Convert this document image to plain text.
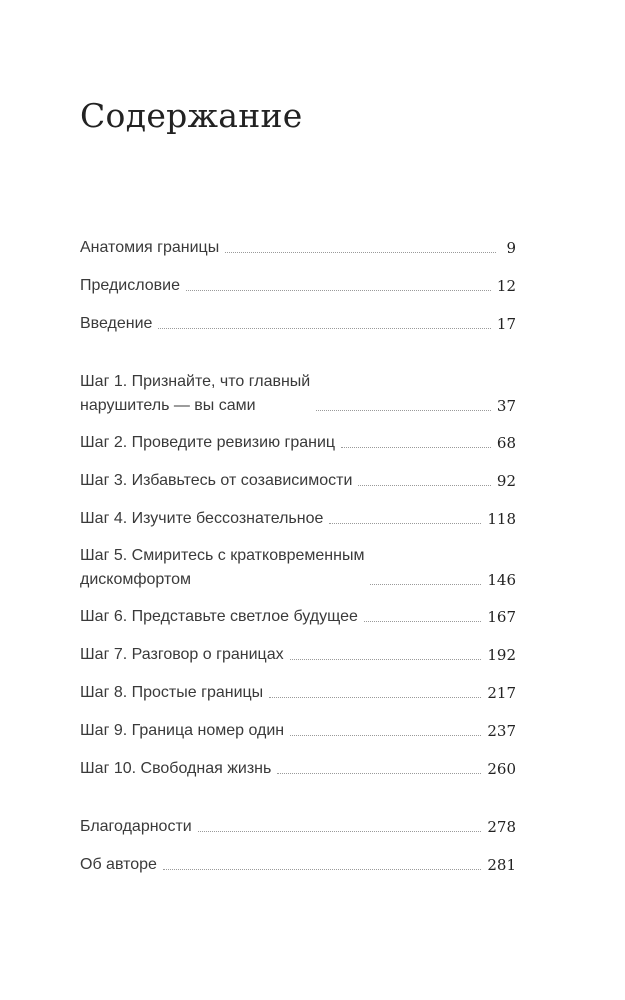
Содержание
Анатомия границы	9
Предисловие	12
Введение	17
Шаг 1. Признайте, что главный
нарушитель — вы сами	37
Шаг 2. Проведите ревизию границ	68
Шаг 3. Избавьтесь от созависимости	92
Шаг 4. Изучите бессознательное	118
Шаг 5. Смиритесь с кратковременным
дискомфортом	146
Шаг 6. Представьте светлое будущее	167
Шаг 7. Разговор о границах	192
Шаг 8. Простые границы	217
Шаг 9. Граница номер один	237
Шаг 10. Свободная жизнь	260
Благодарности	278
Об авторе	281
